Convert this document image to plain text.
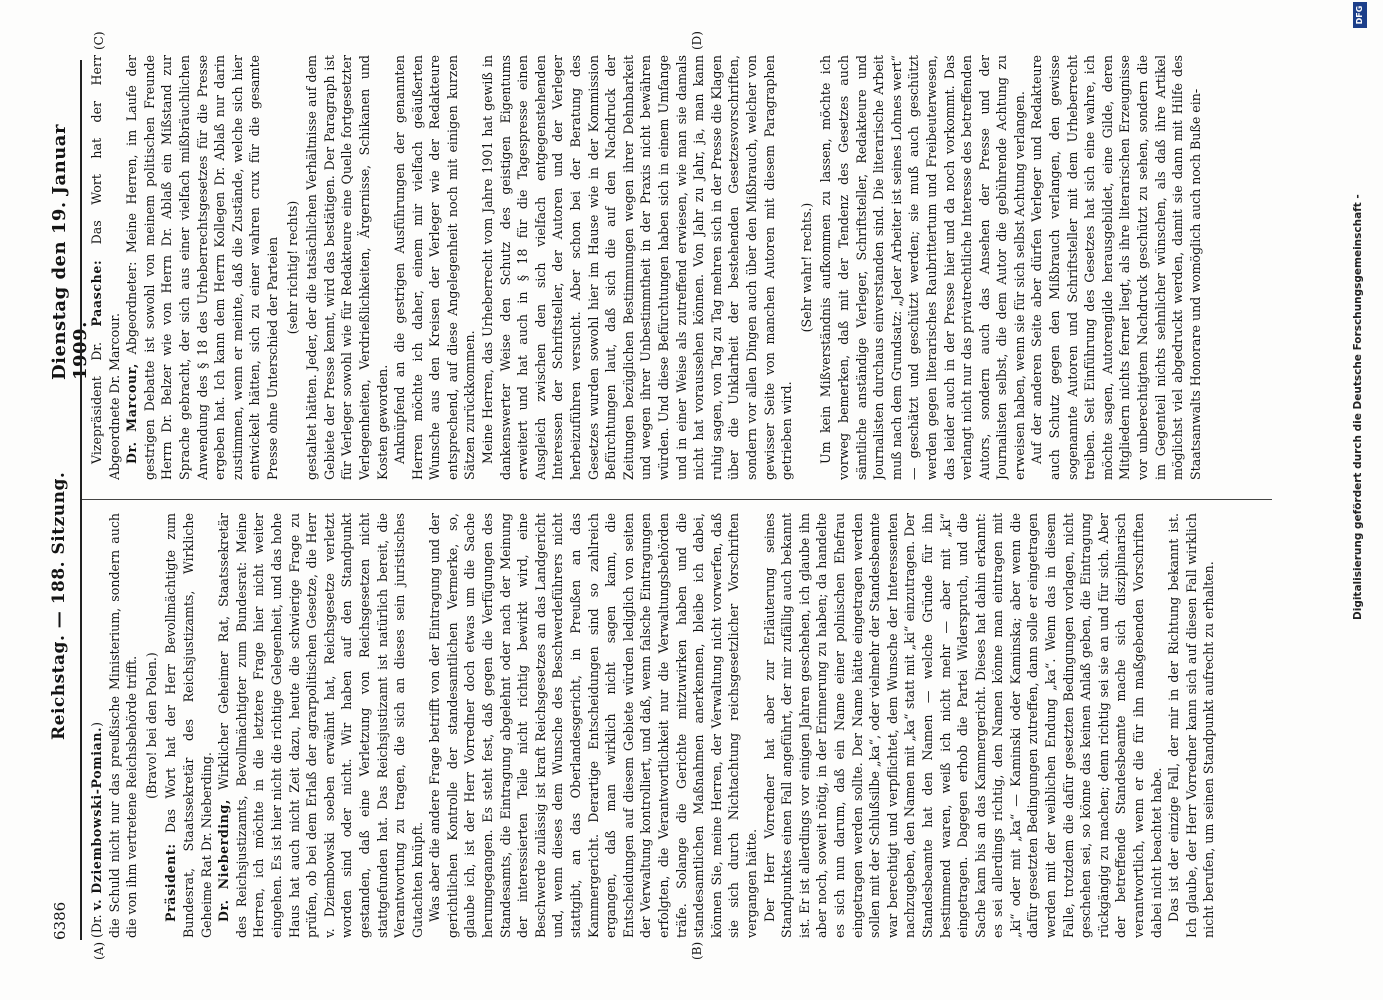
6386
Reichstag. — 188. Sitzung.
Dienstag den 19. Januar 1909.
(A)	(B)
(C)	(D)

(Dr. v. Dziembowski-Pomian.) die Schuld nicht nur das preußische Ministerium, sondern auch die von ihm vertretene Reichsbehörde trifft. (Bravo! bei den Polen.)

Präsident: Das Wort hat der Herr Bevollmächtigte zum Bundesrat, Staatssekretär des Reichsjustizamts, Wirkliche Geheime Rat Dr. Nieberding. Dr. Nieberding, Wirklicher Geheimer Rat, Staatssekretär des Reichsjustizamts, Bevollmächtigter zum Bundesrat: Meine Herren, ich möchte in die letztere Frage hier nicht weiter eingehen. Es ist hier nicht die richtige Gelegenheit, und das hohe Haus hat auch nicht Zeit dazu, heute die schwierige Frage zu prüfen, ob bei dem Erlaß der agrarpolitischen Gesetze, die Herr v. Dziembowski soeben erwähnt hat, Reichsgesetze verletzt worden sind oder nicht. Wir haben auf den Standpunkt gestanden, daß eine Verletzung von Reichsgesetzen nicht stattgefunden hat. Das Reichsjustizamt ist natürlich bereit, die Verantwortung zu tragen, die sich an dieses sein juristisches Gutachten knüpft. Was aber die andere Frage betrifft von der Eintragung und der gerichtlichen Kontrolle der standesamtlichen Vermerke, so, glaube ich, ist der Herr Vorredner doch etwas um die Sache herumgegangen. Es steht fest, daß gegen die Verfügungen des Standesamts, die Eintragung abgelehnt oder nach der Meinung der interessierten Teile nicht richtig bewirkt wird, eine Beschwerde zulässig ist kraft Reichsgesetzes an das Landgericht und, wenn dieses dem Wunsche des Beschwerdeführers nicht stattgibt, an das Oberlandesgericht, in Preußen an das Kammergericht. Derartige Entscheidungen sind so zahlreich ergangen, daß man wirklich nicht sagen kann, die Entscheidungen auf diesem Gebiete würden lediglich von seiten der Verwaltung kontrolliert, und daß, wenn falsche Eintragungen erfolgten, die Verantwortlichkeit nur die Verwaltungsbehörden träfe. Solange die Gerichte mitzuwirken haben und die standesamtlichen Maßnahmen anerkennen, bleibe ich dabei, können Sie, meine Herren, der Verwaltung nicht vorwerfen, daß sie sich durch Nichtachtung reichsgesetzlicher Vorschriften vergangen hätte. Der Herr Vorredner hat aber zur Erläuterung seines Standpunktes einen Fall angeführt, der mir zufällig auch bekannt ist. Er ist allerdings vor einigen Jahren geschehen, ich glaube ihn aber noch, soweit nötig, in der Erinnerung zu haben; da handelte es sich nun darum, daß ein Name einer polnischen Ehefrau eingetragen werden sollte. Der Name hätte eingetragen werden sollen mit der Schlußsilbe „ka“, oder vielmehr der Standesbeamte war berechtigt und verpflichtet, dem Wunsche der Interessenten nachzugeben, den Namen mit „ka“ statt mit „ki“ einzutragen. Der Standesbeamte hat den Namen — welche Gründe für ihn bestimmend waren, weiß ich nicht mehr — aber mit „ki“ eingetragen. Dagegen erhob die Partei Widerspruch, und die Sache kam bis an das Kammergericht. Dieses hat dahin erkannt: es sei allerdings richtig, den Namen könne man eintragen mit „ki“ oder mit „ka“ — Kaminski oder Kaminska; aber wenn die dafür gesetzten Bedingungen zutreffen, dann solle er eingetragen werden mit der weiblichen Endung „ka“. Wenn das in diesem Falle, trotzdem die dafür gesetzten Bedingungen vorlagen, nicht geschehen sei, so könne das keinen Anlaß geben, die Eintragung rückgängig zu machen; denn richtig sei sie an und für sich. Aber der betreffende Standesbeamte mache sich disziplinarisch verantwortlich, wenn er die für ihn maßgebenden Vorschriften dabei nicht beachtet habe. Das ist der einzige Fall, der mir in der Richtung bekannt ist. Ich glaube, der Herr Vorredner kann sich auf diesen Fall wirklich nicht berufen, um seinen Standpunkt aufrecht zu erhalten.

Vizepräsident Dr. Paasche: Das Wort hat der Herr Abgeordnete Dr. Marcour. Dr. Marcour, Abgeordneter: Meine Herren, im Laufe der gestrigen Debatte ist sowohl von meinem politischen Freunde Herrn Dr. Belzer wie von Herrn Dr. Ablaß ein Mißstand zur Sprache gebracht, der sich aus einer vielfach mißbräuchlichen Anwendung des § 18 des Urheberrechtsgesetzes für die Presse ergeben hat. Ich kann dem Herrn Kollegen Dr. Ablaß nur darin zustimmen, wenn er meinte, daß die Zustände, welche sich hier entwickelt hätten, sich zu einer wahren crux für die gesamte Presse ohne Unterschied der Parteien (sehr richtig! rechts) gestaltet hätten. Jeder, der die tatsächlichen Verhältnisse auf dem Gebiete der Presse kennt, wird das bestätigen. Der Paragraph ist für Verleger sowohl wie für Redakteure eine Quelle fortgesetzter Verlegenheiten, Verdrießlichkeiten, Ärgernisse, Schikanen und Kosten geworden. Anknüpfend an die gestrigen Ausführungen der genannten Herren möchte ich daher, einem mir vielfach geäußerten Wunsche aus den Kreisen der Verleger wie der Redakteure entsprechend, auf diese Angelegenheit noch mit einigen kurzen Sätzen zurückkommen. Meine Herren, das Urheberrecht vom Jahre 1901 hat gewiß in dankenswerter Weise den Schutz des geistigen Eigentums erweitert und hat auch in § 18 für die Tagespresse einen Ausgleich zwischen den sich vielfach entgegenstehenden Interessen der Schriftsteller, der Autoren und der Verleger herbeizuführen versucht. Aber schon bei der Beratung des Gesetzes wurden sowohl hier im Hause wie in der Kommission Befürchtungen laut, daß sich die auf den Nachdruck der Zeitungen bezüglichen Bestimmungen wegen ihrer Dehnbarkeit und wegen ihrer Unbestimmtheit in der Praxis nicht bewähren würden. Und diese Befürchtungen haben sich in einem Umfange und in einer Weise als zutreffend erwiesen, wie man sie damals nicht hat voraussehen können. Von Jahr zu Jahr, ja, man kann ruhig sagen, von Tag zu Tag mehren sich in der Presse die Klagen über die Unklarheit der bestehenden Gesetzesvorschriften, sondern vor allen Dingen auch über den Mißbrauch, welcher von gewisser Seite von manchen Autoren mit diesem Paragraphen getrieben wird.

(Sehr wahr! rechts.) Um kein Mißverständnis aufkommen zu lassen, möchte ich vorweg bemerken, daß mit der Tendenz des Gesetzes auch sämtliche anständige Verleger, Schriftsteller, Redakteure und Journalisten durchaus einverstanden sind. Die literarische Arbeit muß nach dem Grundsatz: „Jeder Arbeiter ist seines Lohnes wert“ — geschätzt und geschützt werden; sie muß auch geschützt werden gegen literarisches Raubrittertum und Freibeuterwesen, das leider auch in der Presse hier und da noch vorkommt. Das verlangt nicht nur das privatrechtliche Interesse des betreffenden Autors, sondern auch das Ansehen der Presse und der Journalisten selbst, die dem Autor die gebührende Achtung zu erweisen haben, wenn sie für sich selbst Achtung verlangen. Auf der anderen Seite aber dürfen Verleger und Redakteure auch Schutz gegen den Mißbrauch verlangen, den gewisse sogenannte Autoren und Schriftsteller mit dem Urheberrecht treiben. Seit Einführung des Gesetzes hat sich eine wahre, ich möchte sagen, Autorengilde herausgebildet, eine Gilde, deren Mitgliedern nichts ferner liegt, als ihre literarischen Erzeugnisse vor unberechtigtem Nachdruck geschützt zu sehen, sondern die im Gegenteil nichts sehnlicher wünschen, als daß ihre Artikel möglichst viel abgedruckt werden, damit sie dann mit Hilfe des Staatsanwalts Honorare und womöglich auch noch Buße ein-	Digitalisierung gefördert durch die Deutsche Forschungsgemeinschaft -
DFG
